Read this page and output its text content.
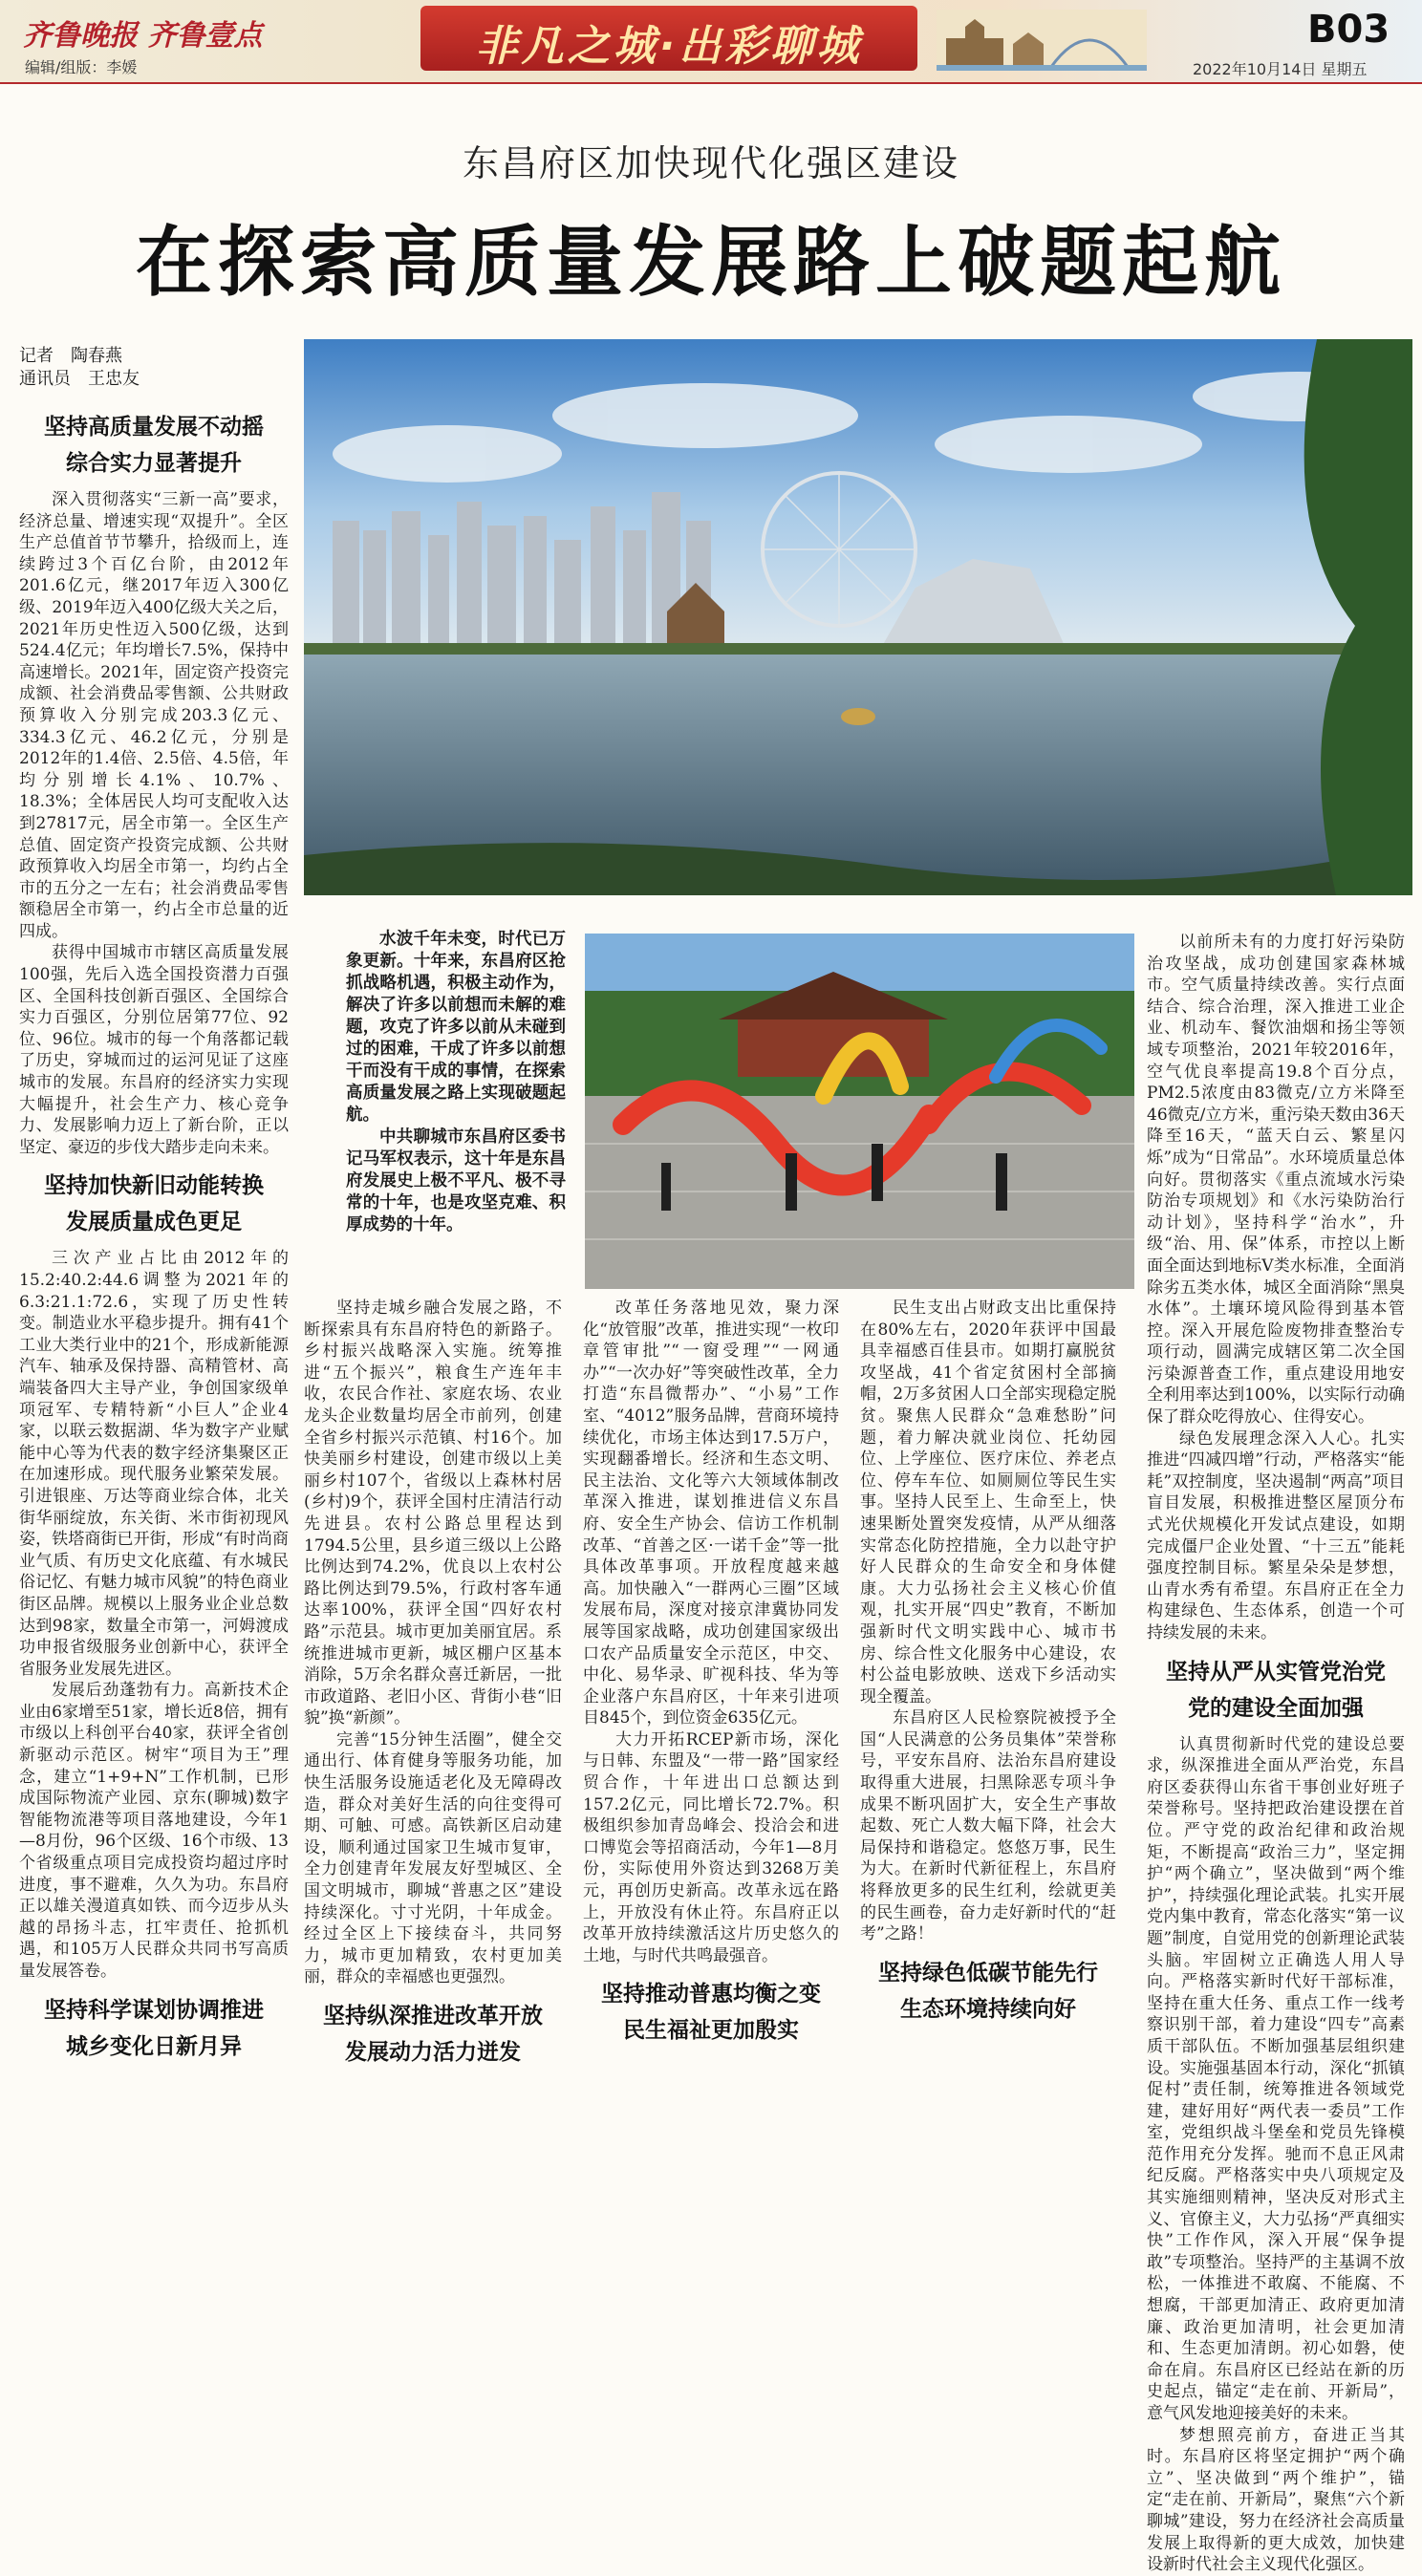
齐鲁晚报 齐鲁壹点
编辑/组版：李媛	非凡之城·出彩聊城	B03
2022年10月14日 星期五
东昌府区加快现代化强区建设
在探索高质量发展路上破题起航
记者　陶春燕
通讯员　王忠友

水波千年未变，时代已万象更新。十年来，东昌府区抢抓战略机遇，积极主动作为，解决了许多以前想而未解的难题，攻克了许多以前从未碰到过的困难，干成了许多以前想干而没有干成的事情，在探索高质量发展之路上实现破题起航。

中共聊城市东昌府区委书记马军权表示，这十年是东昌府发展史上极不平凡、极不寻常的十年，也是攻坚克难、积厚成势的十年。

坚持高质量发展不动摇
综合实力显著提升

深入贯彻落实“三新一高”要求，经济总量、增速实现“双提升”。全区生产总值首节节攀升，拾级而上，连续跨过3个百亿台阶，由2012年201.6亿元，继2017年迈入300亿级、2019年迈入400亿级大关之后，2021年历史性迈入500亿级，达到524.4亿元；年均增长7.5%，保持中高速增长。2021年，固定资产投资完成额、社会消费品零售额、公共财政预算收入分别完成203.3亿元、334.3亿元、46.2亿元，分别是2012年的1.4倍、2.5倍、4.5倍，年均分别增长4.1%、10.7%、18.3%；全体居民人均可支配收入达到27817元，居全市第一。全区生产总值、固定资产投资完成额、公共财政预算收入均居全市第一，均约占全市的五分之一左右；社会消费品零售额稳居全市第一，约占全市总量的近四成。

获得中国城市市辖区高质量发展100强，先后入选全国投资潜力百强区、全国科技创新百强区、全国综合实力百强区，分别位居第77位、92位、96位。城市的每一个角落都记载了历史，穿城而过的运河见证了这座城市的发展。东昌府的经济实力实现大幅提升，社会生产力、核心竞争力、发展影响力迈上了新台阶，正以坚定、豪迈的步伐大踏步走向未来。

坚持加快新旧动能转换
发展质量成色更足

三次产业占比由2012年的15.2:40.2:44.6调整为2021年的6.3:21.1:72.6，实现了历史性转变。制造业水平稳步提升。拥有41个工业大类行业中的21个，形成新能源汽车、轴承及保持器、高精管材、高端装备四大主导产业，争创国家级单项冠军、专精特新“小巨人”企业4家，以联云数据湖、华为数字产业赋能中心等为代表的数字经济集聚区正在加速形成。现代服务业繁荣发展。引进银座、万达等商业综合体，北关街华丽绽放，东关街、米市街初现风姿，铁塔商街已开街，形成“有时尚商业气质、有历史文化底蕴、有水城民俗记忆、有魅力城市风貌”的特色商业街区品牌。规模以上服务业企业总数达到98家，数量全市第一，河姆渡成功申报省级服务业创新中心，获评全省服务业发展先进区。

发展后劲蓬勃有力。高新技术企业由6家增至51家，增长近8倍，拥有市级以上科创平台40家，获评全省创新驱动示范区。树牢“项目为王”理念，建立“1+9+N”工作机制，已形成国际物流产业园、京东(聊城)数字智能物流港等项目落地建设，今年1—8月份，96个区级、16个市级、13个省级重点项目完成投资均超过序时进度，事不避难，久久为功。东昌府正以雄关漫道真如铁、而今迈步从头越的昂扬斗志，扛牢责任、抢抓机遇，和105万人民群众共同书写高质量发展答卷。

坚持科学谋划协调推进
城乡变化日新月异

坚持走城乡融合发展之路，不断探索具有东昌府特色的新路子。乡村振兴战略深入实施。统筹推进“五个振兴”，粮食生产连年丰收，农民合作社、家庭农场、农业龙头企业数量均居全市前列，创建全省乡村振兴示范镇、村16个。加快美丽乡村建设，创建市级以上美丽乡村107个，省级以上森林村居(乡村)9个，获评全国村庄清洁行动先进县。农村公路总里程达到1794.5公里，县乡道三级以上公路比例达到74.2%，优良以上农村公路比例达到79.5%，行政村客车通达率100%，获评全国“四好农村路”示范县。城市更加美丽宜居。系统推进城市更新，城区棚户区基本消除，5万余名群众喜迁新居，一批市政道路、老旧小区、背街小巷“旧貌”换“新颜”。

完善“15分钟生活圈”，健全交通出行、体育健身等服务功能，加快生活服务设施适老化及无障碍改造，群众对美好生活的向往变得可期、可触、可感。高铁新区启动建设，顺利通过国家卫生城市复审，全力创建青年发展友好型城区、全国文明城市，聊城“普惠之区”建设持续深化。寸寸光阴，十年成金。经过全区上下接续奋斗，共同努力，城市更加精致，农村更加美丽，群众的幸福感也更强烈。

坚持纵深推进改革开放
发展动力活力迸发

改革任务落地见效，聚力深化“放管服”改革，推进实现“一枚印章管审批”“一窗受理”“一网通办”“一次办好”等突破性改革，全力打造“东昌微帮办”、“小易”工作室、“4012”服务品牌，营商环境持续优化，市场主体达到17.5万户，实现翻番增长。经济和生态文明、民主法治、文化等六大领域体制改革深入推进，谋划推进信义东昌府、安全生产协会、信访工作机制改革、“首善之区·一诺千金”等一批具体改革事项。开放程度越来越高。加快融入“一群两心三圈”区域发展布局，深度对接京津冀协同发展等国家战略，成功创建国家级出口农产品质量安全示范区，中交、中化、易华录、旷视科技、华为等企业落户东昌府区，十年来引进项目845个，到位资金635亿元。

大力开拓RCEP新市场，深化与日韩、东盟及“一带一路”国家经贸合作，十年进出口总额达到157.2亿元，同比增长72.7%。积极组织参加青岛峰会、投洽会和进口博览会等招商活动，今年1—8月份，实际使用外资达到3268万美元，再创历史新高。改革永远在路上，开放没有休止符。东昌府正以改革开放持续激活这片历史悠久的土地，与时代共鸣最强音。

坚持推动普惠均衡之变
民生福祉更加殷实

民生支出占财政支出比重保持在80%左右，2020年获评中国最具幸福感百佳县市。如期打赢脱贫攻坚战，41个省定贫困村全部摘帽，2万多贫困人口全部实现稳定脱贫。聚焦人民群众“急难愁盼”问题，着力解决就业岗位、托幼园位、上学座位、医疗床位、养老点位、停车车位、如厕厕位等民生实事。坚持人民至上、生命至上，快速果断处置突发疫情，从严从细落实常态化防控措施，全力以赴守护好人民群众的生命安全和身体健康。大力弘扬社会主义核心价值观，扎实开展“四史”教育，不断加强新时代文明实践中心、城市书房、综合性文化服务中心建设，农村公益电影放映、送戏下乡活动实现全覆盖。

东昌府区人民检察院被授予全国“人民满意的公务员集体”荣誉称号，平安东昌府、法治东昌府建设取得重大进展，扫黑除恶专项斗争成果不断巩固扩大，安全生产事故起数、死亡人数大幅下降，社会大局保持和谐稳定。悠悠万事，民生为大。在新时代新征程上，东昌府将释放更多的民生红利，绘就更美的民生画卷，奋力走好新时代的“赶考”之路！

坚持绿色低碳节能先行
生态环境持续向好

以前所未有的力度打好污染防治攻坚战，成功创建国家森林城市。空气质量持续改善。实行点面结合、综合治理，深入推进工业企业、机动车、餐饮油烟和扬尘等领域专项整治，2021年较2016年，空气优良率提高19.8个百分点，PM2.5浓度由83微克/立方米降至46微克/立方米，重污染天数由36天降至16天，“蓝天白云、繁星闪烁”成为“日常品”。水环境质量总体向好。贯彻落实《重点流域水污染防治专项规划》和《水污染防治行动计划》，坚持科学“治水”，升级“治、用、保”体系，市控以上断面全面达到地标Ⅴ类水标准，全面消除劣五类水体，城区全面消除“黑臭水体”。土壤环境风险得到基本管控。深入开展危险废物排查整治专项行动，圆满完成辖区第二次全国污染源普查工作，重点建设用地安全利用率达到100%，以实际行动确保了群众吃得放心、住得安心。

绿色发展理念深入人心。扎实推进“四减四增”行动，严格落实“能耗”双控制度，坚决遏制“两高”项目盲目发展，积极推进整区屋顶分布式光伏规模化开发试点建设，如期完成僵尸企业处置、“十三五”能耗强度控制目标。繁星朵朵是梦想，山青水秀有希望。东昌府正在全力构建绿色、生态体系，创造一个可持续发展的未来。

坚持从严从实管党治党
党的建设全面加强

认真贯彻新时代党的建设总要求，纵深推进全面从严治党，东昌府区委获得山东省干事创业好班子荣誉称号。坚持把政治建设摆在首位。严守党的政治纪律和政治规矩，不断提高“政治三力”，坚定拥护“两个确立”，坚决做到“两个维护”，持续强化理论武装。扎实开展党内集中教育，常态化落实“第一议题”制度，自觉用党的创新理论武装头脑。牢固树立正确选人用人导向。严格落实新时代好干部标准，坚持在重大任务、重点工作一线考察识别干部，着力建设“四专”高素质干部队伍。不断加强基层组织建设。实施强基固本行动，深化“抓镇促村”责任制，统筹推进各领域党建，建好用好“两代表一委员”工作室，党组织战斗堡垒和党员先锋模范作用充分发挥。驰而不息正风肃纪反腐。严格落实中央八项规定及其实施细则精神，坚决反对形式主义、官僚主义，大力弘扬“严真细实快”工作作风，深入开展“保争提敢”专项整治。坚持严的主基调不放松，一体推进不敢腐、不能腐、不想腐，干部更加清正、政府更加清廉、政治更加清明，社会更加清和、生态更加清朗。初心如磐，使命在肩。东昌府区已经站在新的历史起点，锚定“走在前、开新局”，意气风发地迎接美好的未来。

梦想照亮前方，奋进正当其时。东昌府区将坚定拥护“两个确立”、坚决做到“两个维护”，锚定“走在前、开新局”，聚焦“六个新聊城”建设，努力在经济社会高质量发展上取得新的更大成效，加快建设新时代社会主义现代化强区。
